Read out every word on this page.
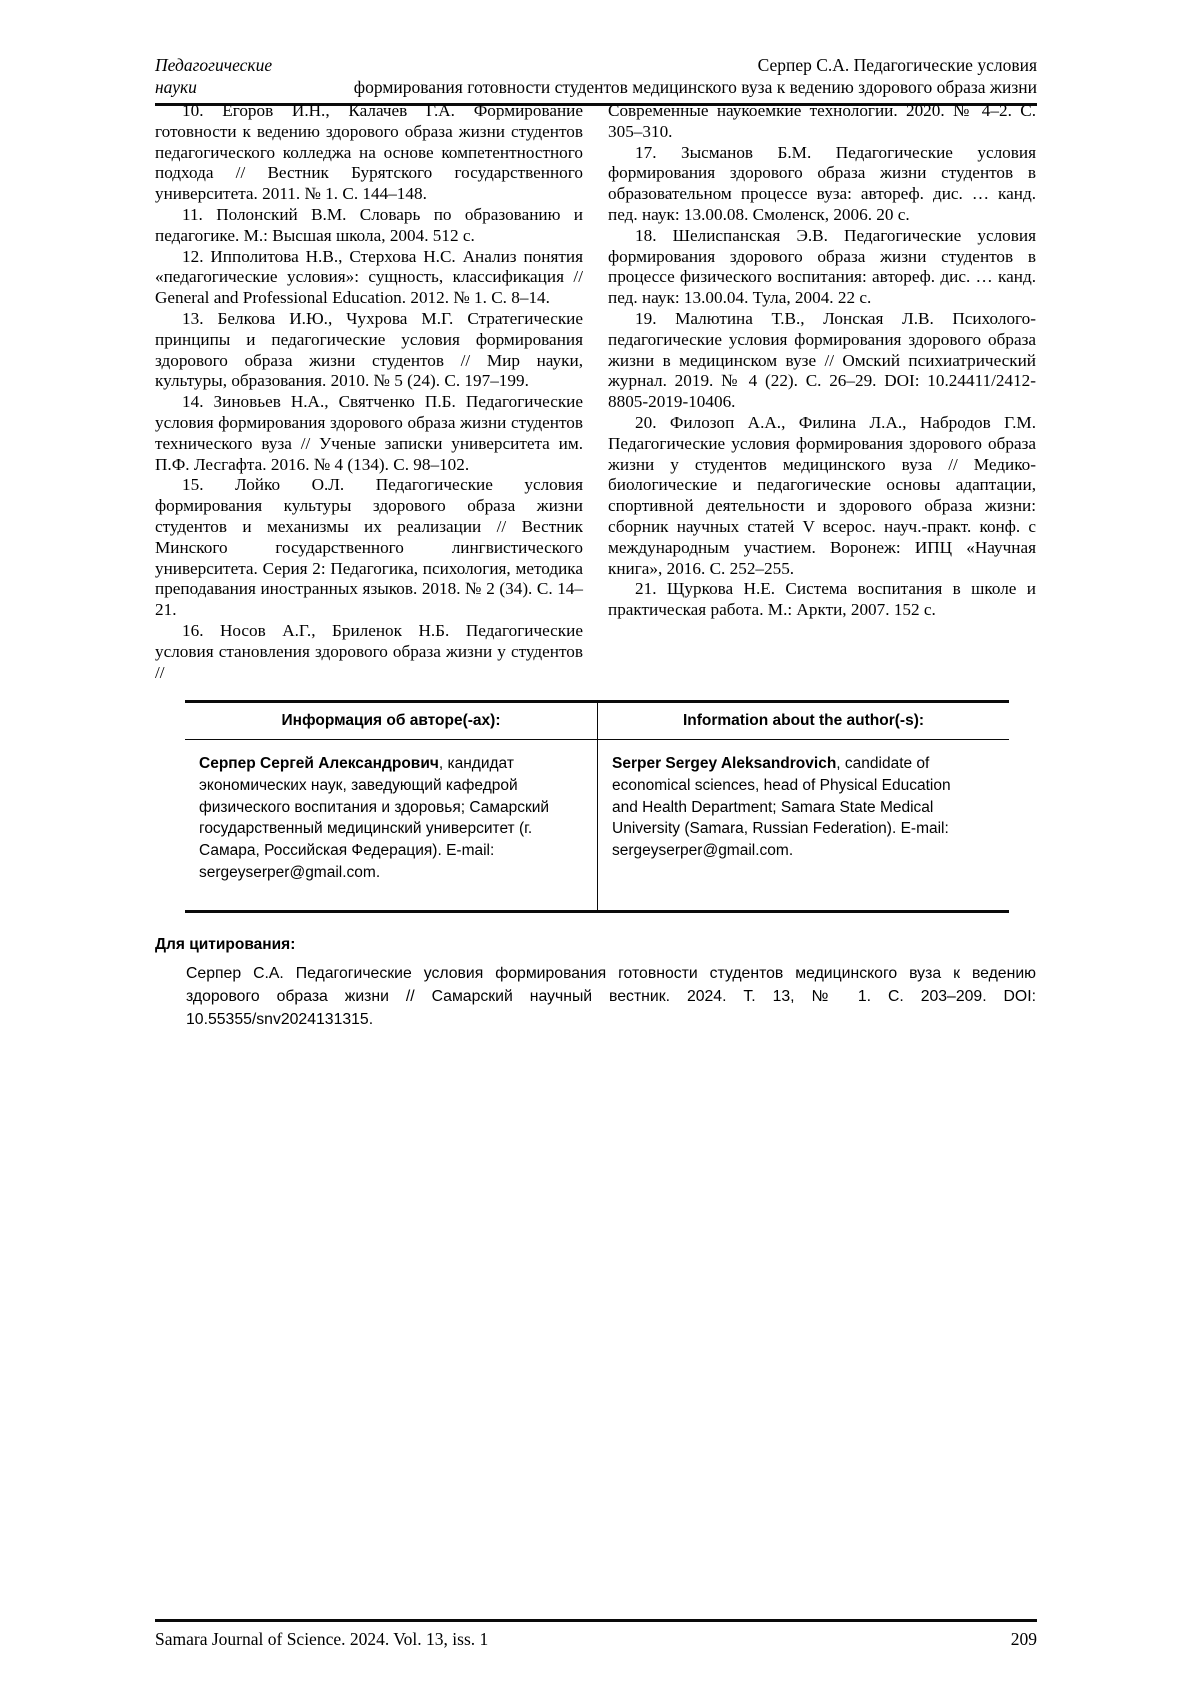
Педагогические
науки
Серпер С.А. Педагогические условия
формирования готовности студентов медицинского вуза к ведению здорового образа жизни

10. Егоров И.Н., Калачев Г.А. Формирование готовности к ведению здорового образа жизни студентов педагогического колледжа на основе компетентностного подхода // Вестник Бурятского государственного университета. 2011. № 1. С. 144–148.

11. Полонский В.М. Словарь по образованию и педагогике. М.: Высшая школа, 2004. 512 с.

12. Ипполитова Н.В., Стерхова Н.С. Анализ понятия «педагогические условия»: сущность, классификация // General and Professional Education. 2012. № 1. С. 8–14.

13. Белкова И.Ю., Чухрова М.Г. Стратегические принципы и педагогические условия формирования здорового образа жизни студентов // Мир науки, культуры, образования. 2010. № 5 (24). С. 197–199.

14. Зиновьев Н.А., Святченко П.Б. Педагогические условия формирования здорового образа жизни студентов технического вуза // Ученые записки университета им. П.Ф. Лесгафта. 2016. № 4 (134). С. 98–102.

15. Лойко О.Л. Педагогические условия формирования культуры здорового образа жизни студентов и механизмы их реализации // Вестник Минского государственного лингвистического университета. Серия 2: Педагогика, психология, методика преподавания иностранных языков. 2018. № 2 (34). С. 14–21.

16. Носов А.Г., Бриленок Н.Б. Педагогические условия становления здорового образа жизни у студентов //

Современные наукоемкие технологии. 2020. № 4–2. С. 305–310.

17. Зысманов Б.М. Педагогические условия формирования здорового образа жизни студентов в образовательном процессе вуза: автореф. дис. … канд. пед. наук: 13.00.08. Смоленск, 2006. 20 с.

18. Шелиспанская Э.В. Педагогические условия формирования здорового образа жизни студентов в процессе физического воспитания: автореф. дис. … канд. пед. наук: 13.00.04. Тула, 2004. 22 с.

19. Малютина Т.В., Лонская Л.В. Психолого-педагогические условия формирования здорового образа жизни в медицинском вузе // Омский психиатрический журнал. 2019. № 4 (22). С. 26–29. DOI: 10.24411/2412-8805-2019-10406.

20. Филозоп А.А., Филина Л.А., Набродов Г.М. Педагогические условия формирования здорового образа жизни у студентов медицинского вуза // Медико-биологические и педагогические основы адаптации, спортивной деятельности и здорового образа жизни: сборник научных статей V всерос. науч.-практ. конф. с международным участием. Воронеж: ИПЦ «Научная книга», 2016. С. 252–255.

21. Щуркова Н.Е. Система воспитания в школе и практическая работа. М.: Аркти, 2007. 152 с.

Информация об авторе(-ах):	Information about the author(-s):
Серпер Сергей Александрович, кандидат экономических наук, заведующий кафедрой физического воспитания и здоровья; Самарский государственный медицинский университет (г. Самара, Российская Федерация). E-mail: sergeyserper@gmail.com.
Serper Sergey Aleksandrovich, candidate of economical sciences, head of Physical Education and Health Department; Samara State Medical University (Samara, Russian Federation). E-mail: sergeyserper@gmail.com.
Для цитирования:

Серпер С.А. Педагогические условия формирования готовности студентов медицинского вуза к ведению здорового образа жизни // Самарский научный вестник. 2024. Т. 13, № 1. С. 203–209. DOI: 10.55355/snv2024131315.

Samara Journal of Science. 2024. Vol. 13, iss. 1	209
